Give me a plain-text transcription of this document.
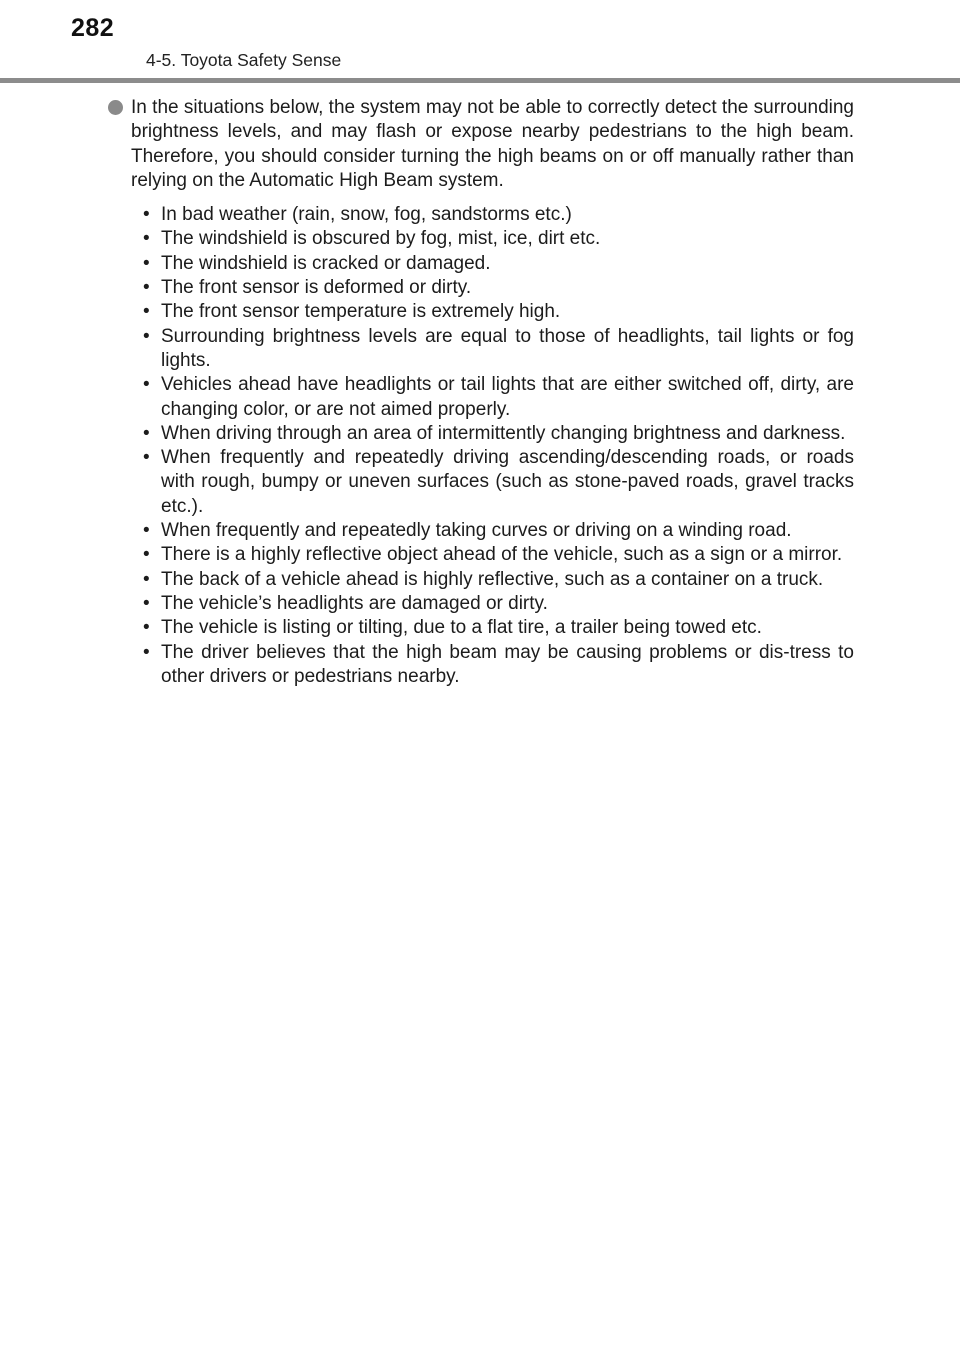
282
4-5. Toyota Safety Sense
In the situations below, the system may not be able to correctly detect the surrounding brightness levels, and may flash or expose nearby pedestrians to the high beam. Therefore, you should consider turning the high beams on or off manually rather than relying on the Automatic High Beam system.
• In bad weather (rain, snow, fog, sandstorms etc.)
• The windshield is obscured by fog, mist, ice, dirt etc.
• The windshield is cracked or damaged.
• The front sensor is deformed or dirty.
• The front sensor temperature is extremely high.
• Surrounding brightness levels are equal to those of headlights, tail lights or fog lights.
• Vehicles ahead have headlights or tail lights that are either switched off, dirty, are changing color, or are not aimed properly.
• When driving through an area of intermittently changing brightness and darkness.
• When frequently and repeatedly driving ascending/descending roads, or roads with rough, bumpy or uneven surfaces (such as stone-paved roads, gravel tracks etc.).
• When frequently and repeatedly taking curves or driving on a winding road.
• There is a highly reflective object ahead of the vehicle, such as a sign or a mirror.
• The back of a vehicle ahead is highly reflective, such as a container on a truck.
• The vehicle’s headlights are damaged or dirty.
• The vehicle is listing or tilting, due to a flat tire, a trailer being towed etc.
• The driver believes that the high beam may be causing problems or dis-tress to other drivers or pedestrians nearby.
